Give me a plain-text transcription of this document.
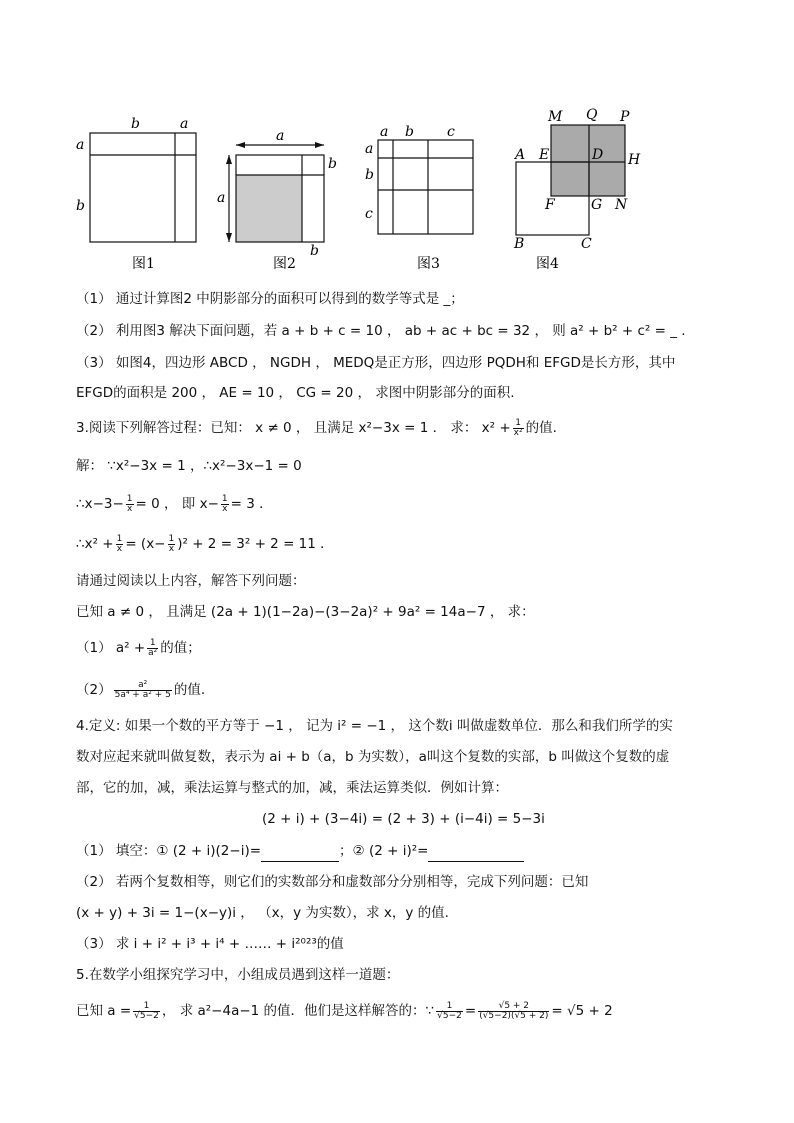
b	a
a
b
图1
a
a
b
b
图2
a b c
a
b
c
图3
M Q P
A E	D H
F	G N
B	C
图4
（1） 通过计算图2 中阴影部分的面积可以得到的数学等式是 _；
（2） 利用图3 解决下面问题，若 a + b + c = 10 ， ab + ac + bc = 32 ， 则 a² + b² + c² = _ .
（3） 如图4，四边形 ABCD ， NGDH ， MEDQ是正方形，四边形 PQDH和 EFGD是长方形，其中
EFGD的面积是 200 ， AE = 10 ， CG = 20 ， 求图中阴影部分的面积.
3.阅读下列解答过程：已知： x ≠ 0 ， 且满足 x²−3x = 1 ． 求： $x^2 + \frac{1}{\text{x²}}$ 的值.
解： ∵x²−3x = 1 ，∴x²−3x−1 = 0
∴x−3− $\frac{1}{x} = 0$ ， 即 $x- \frac{1}{x} = 3$ ．
∴x² + $\frac{1}{x} = (x- \frac{1}{x} )^2 + 2 = 3^2 + 2 = 11$ ．
请通过阅读以上内容，解答下列问题：
已知 a ≠ 0 ， 且满足 (2a + 1)(1−2a)−(3−2a)² + 9a² = 14a−7 ， 求：
（1） $a^2 + \frac{1}{\text{a²}}$ 的值；
$(2) \frac{\text{a²}}{\text{5a⁴ + a² + 5}}$ 的值.
4.定义: 如果一个数的平方等于 −1 ， 记为 i² = −1 ， 这个数i 叫做虚数单位．那么和我们所学的实
数对应起来就叫做复数，表示为 ai + b（a，b 为实数），a叫这个复数的实部，b 叫做这个复数的虚
部，它的加，减，乘法运算与整式的加，减，乘法运算类似．例如计算：
(2 + i) + (3−4i) = (2 + 3) + (i−4i) = 5−3i
（1） 填空：① (2 + i)(2−i)=	；② (2 + i)²=
（2） 若两个复数相等，则它们的实数部分和虚数部分分别相等，完成下列问题：已知
(x + y) + 3i = 1−(x−y)i ， （x，y 为实数），求 x，y 的值.
（3） 求 i + i² + i³ + i⁴ + …… + i²⁰²³的值
5.在数学小组探究学习中，小组成员遇到这样一道题：
已知 $a = \frac{1}{√5-2}$ ， 求 a²−4a−1 的值．他们是这样解答的：∵ $\frac{1}{√5-2} = \frac{√5 + 2}{(√5-2)(√5 + 2)} = √5 + 2$
